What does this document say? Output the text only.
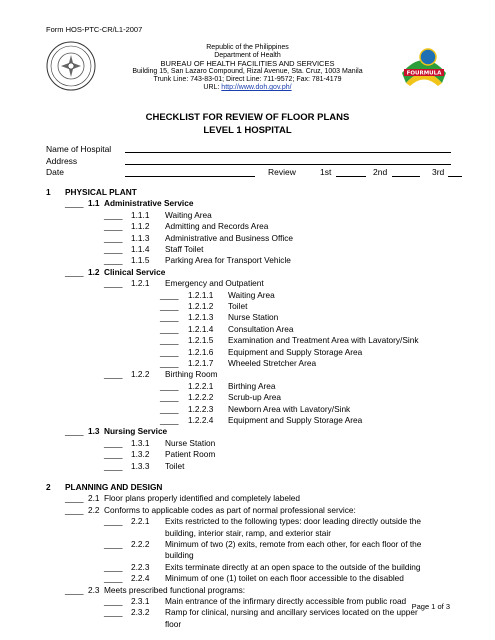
Form HOS-PTC-CR/L1-2007
Republic of the Philippines
Department of Health
BUREAU OF HEALTH FACILITIES AND SERVICES
Building 15, San Lazaro Compound, Rizal Avenue, Sta. Cruz, 1003 Manila
Trunk Line: 743-83-01; Direct Line: 711-9572; Fax: 781-4179
URL: http://www.doh.gov.ph/
FOURMULA
CHECKLIST FOR REVIEW OF FLOOR PLANS
LEVEL 1 HOSPITAL
Name of Hospital
Address
Date	Review	1st	2nd	3rd
1 PHYSICAL PLANT
____ 1.1 Administrative Service
____ 1.1.1 Waiting Area
____ 1.1.2 Admitting and Records Area
____ 1.1.3 Administrative and Business Office
____ 1.1.4 Staff Toilet
____ 1.1.5 Parking Area for Transport Vehicle
____ 1.2 Clinical Service
____ 1.2.1 Emergency and Outpatient
____ 1.2.1.1 Waiting Area
____ 1.2.1.2 Toilet
____ 1.2.1.3 Nurse Station
____ 1.2.1.4 Consultation Area
____ 1.2.1.5 Examination and Treatment Area with Lavatory/Sink
____ 1.2.1.6 Equipment and Supply Storage Area
____ 1.2.1.7 Wheeled Stretcher Area
____ 1.2.2 Birthing Room
____ 1.2.2.1 Birthing Area
____ 1.2.2.2 Scrub-up Area
____ 1.2.2.3 Newborn Area with Lavatory/Sink
____ 1.2.2.4 Equipment and Supply Storage Area
____ 1.3 Nursing Service
____ 1.3.1 Nurse Station
____ 1.3.2 Patient Room
____ 1.3.3 Toilet
2 PLANNING AND DESIGN
____ 2.1 Floor plans properly identified and completely labeled
____ 2.2 Conforms to applicable codes as part of normal professional service:
____ 2.2.1 Exits restricted to the following types: door leading directly outside the
building, interior stair, ramp, and exterior stair
____ 2.2.2 Minimum of two (2) exits, remote from each other, for each floor of the
building
____ 2.2.3 Exits terminate directly at an open space to the outside of the building
____ 2.2.4 Minimum of one (1) toilet on each floor accessible to the disabled
____ 2.3 Meets prescribed functional programs:
____ 2.3.1 Main entrance of the infirmary directly accessible from public road
____ 2.3.2 Ramp for clinical, nursing and ancillary services located on the upper
floor
Page 1 of 3
